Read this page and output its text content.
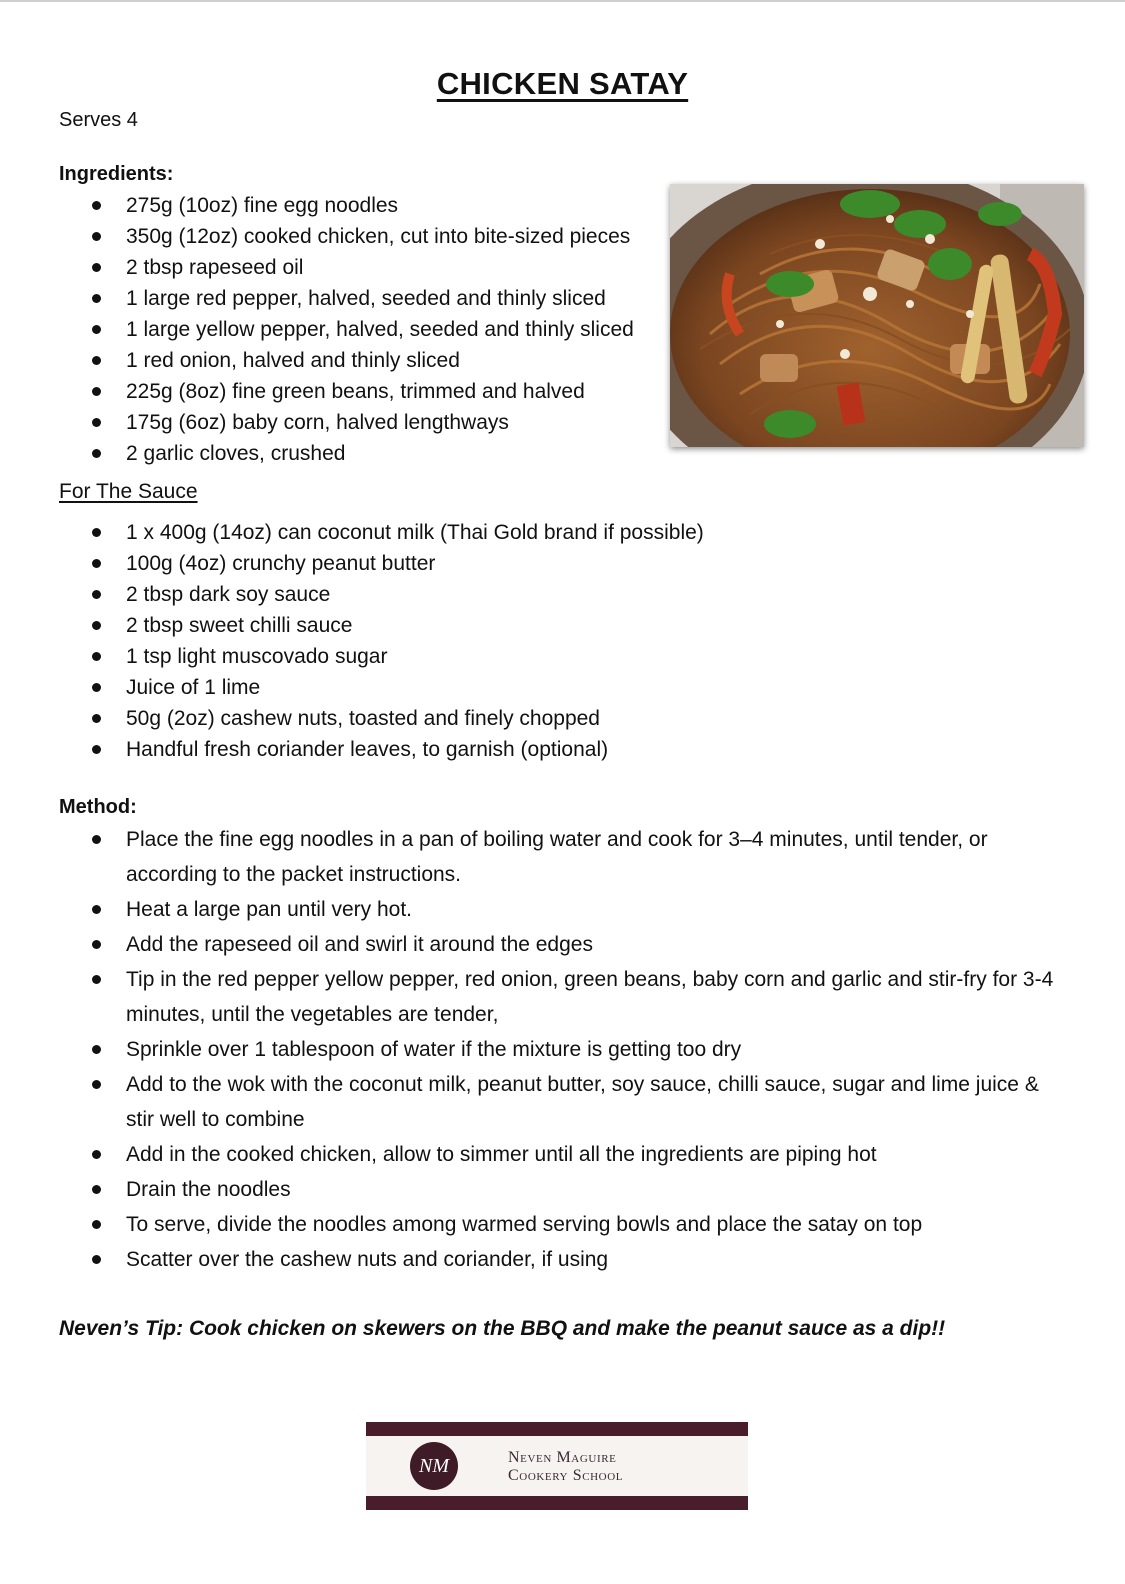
CHICKEN SATAY
Serves 4
Ingredients:
275g (10oz) fine egg noodles
350g (12oz) cooked chicken, cut into bite-sized pieces
2 tbsp rapeseed oil
1 large red pepper, halved, seeded and thinly sliced
1 large yellow pepper, halved, seeded and thinly sliced
1 red onion, halved and thinly sliced
225g (8oz) fine green beans, trimmed and halved
175g (6oz) baby corn, halved lengthways
2 garlic cloves, crushed
For The Sauce
1 x 400g (14oz) can coconut milk (Thai Gold brand if possible)
100g (4oz) crunchy peanut butter
2 tbsp dark soy sauce
2 tbsp sweet chilli sauce
1 tsp light muscovado sugar
Juice of 1 lime
50g (2oz) cashew nuts, toasted and finely chopped
Handful fresh coriander leaves, to garnish (optional)
Method:
Place the fine egg noodles in a pan of boiling water and cook for 3–4 minutes, until tender, or according to the packet instructions.
Heat a large pan until very hot.
Add the rapeseed oil and swirl it around the edges
Tip in the red pepper yellow pepper, red onion, green beans, baby corn and garlic and stir-fry for 3-4 minutes, until the vegetables are tender,
Sprinkle over 1 tablespoon of water if the mixture is getting too dry
Add to the wok with the coconut milk, peanut butter, soy sauce, chilli sauce, sugar and lime juice & stir well to combine
Add in the cooked chicken, allow to simmer until all the ingredients are piping hot
Drain the noodles
To serve, divide the noodles among warmed serving bowls and place the satay on top
Scatter over the cashew nuts and coriander, if using
Neven’s Tip: Cook chicken on skewers on the BBQ and make the peanut sauce as a dip!!
NM	Neven Maguire
Cookery School
